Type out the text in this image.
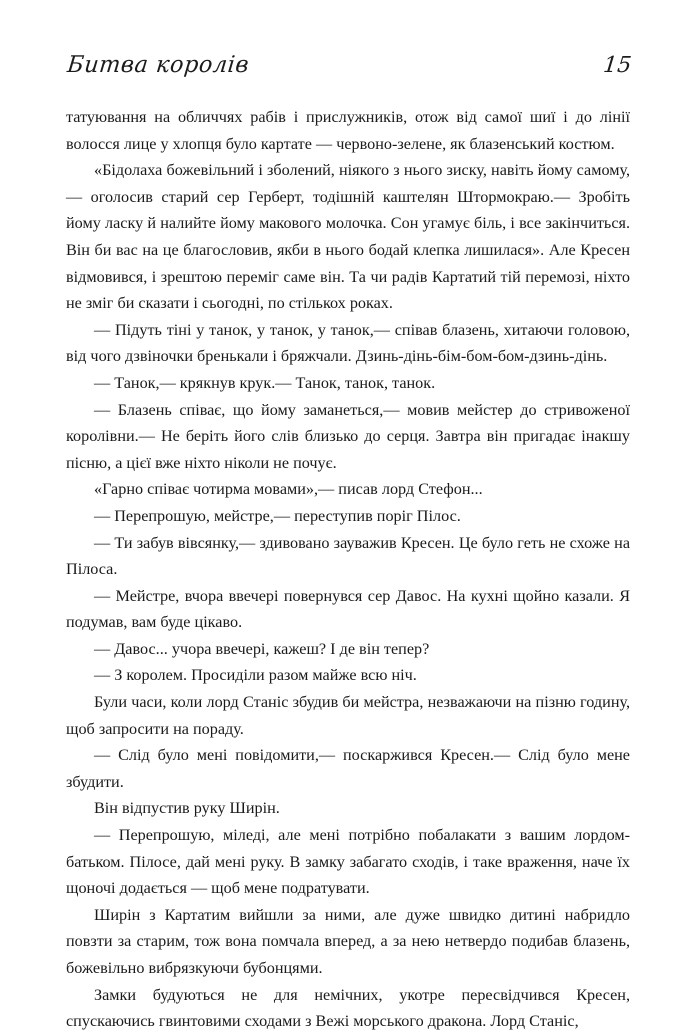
Битва королів	15

татуювання на обличчях рабів і прислужників, отож від самої шиї і до лінії волосся лице у хлопця було картате — червоно-зелене, як блазенський костюм.

«Бідолаха божевільний і зболений, ніякого з нього зиску, навіть йому самому,— оголосив старий сер Герберт, тодішній каштелян Штормокраю.— Зробіть йому ласку й налийте йому макового молочка. Сон угамує біль, і все закінчиться. Він би вас на це благословив, якби в нього бодай клепка лишилася». Але Кресен відмовився, і зрештою переміг саме він. Та чи радів Картатий тій перемозі, ніхто не зміг би сказати і сьогодні, по стількох роках.

— Підуть тіні у танок, у танок, у танок,— співав блазень, хитаючи головою, від чого дзвіночки бренькали і бряжчали. Дзинь-дінь-бім-бом-бом-дзинь-дінь.

— Танок,— крякнув крук.— Танок, танок, танок.

— Блазень співає, що йому заманеться,— мовив мейстер до стривоженої королівни.— Не беріть його слів близько до серця. Завтра він пригадає інакшу пісню, а цієї вже ніхто ніколи не почує.

«Гарно співає чотирма мовами»,— писав лорд Стефон...

— Перепрошую, мейстре,— переступив поріг Пілос.

— Ти забув вівсянку,— здивовано зауважив Кресен. Це було геть не схоже на Пілоса.

— Мейстре, вчора ввечері повернувся сер Давос. На кухні щойно казали. Я подумав, вам буде цікаво.

— Давос... учора ввечері, кажеш? І де він тепер?

— З королем. Просиділи разом майже всю ніч.

Були часи, коли лорд Станіс збудив би мейстра, незважаючи на пізню годину, щоб запросити на пораду.

— Слід було мені повідомити,— поскаржився Кресен.— Слід було мене збудити.

Він відпустив руку Ширін.

— Перепрошую, міледі, але мені потрібно побалакати з вашим лордом-батьком. Пілосе, дай мені руку. В замку забагато сходів, і таке враження, наче їх щоночі додається — щоб мене подратувати.

Ширін з Картатим вийшли за ними, але дуже швидко дитині набридло повзти за старим, тож вона помчала вперед, а за нею нетвердо подибав блазень, божевільно вибрязкуючи бубонцями.

Замки будуються не для немічних, укотре пересвідчився Кресен, спускаючись гвинтовими сходами з Вежі морського дракона. Лорд Станіс,
